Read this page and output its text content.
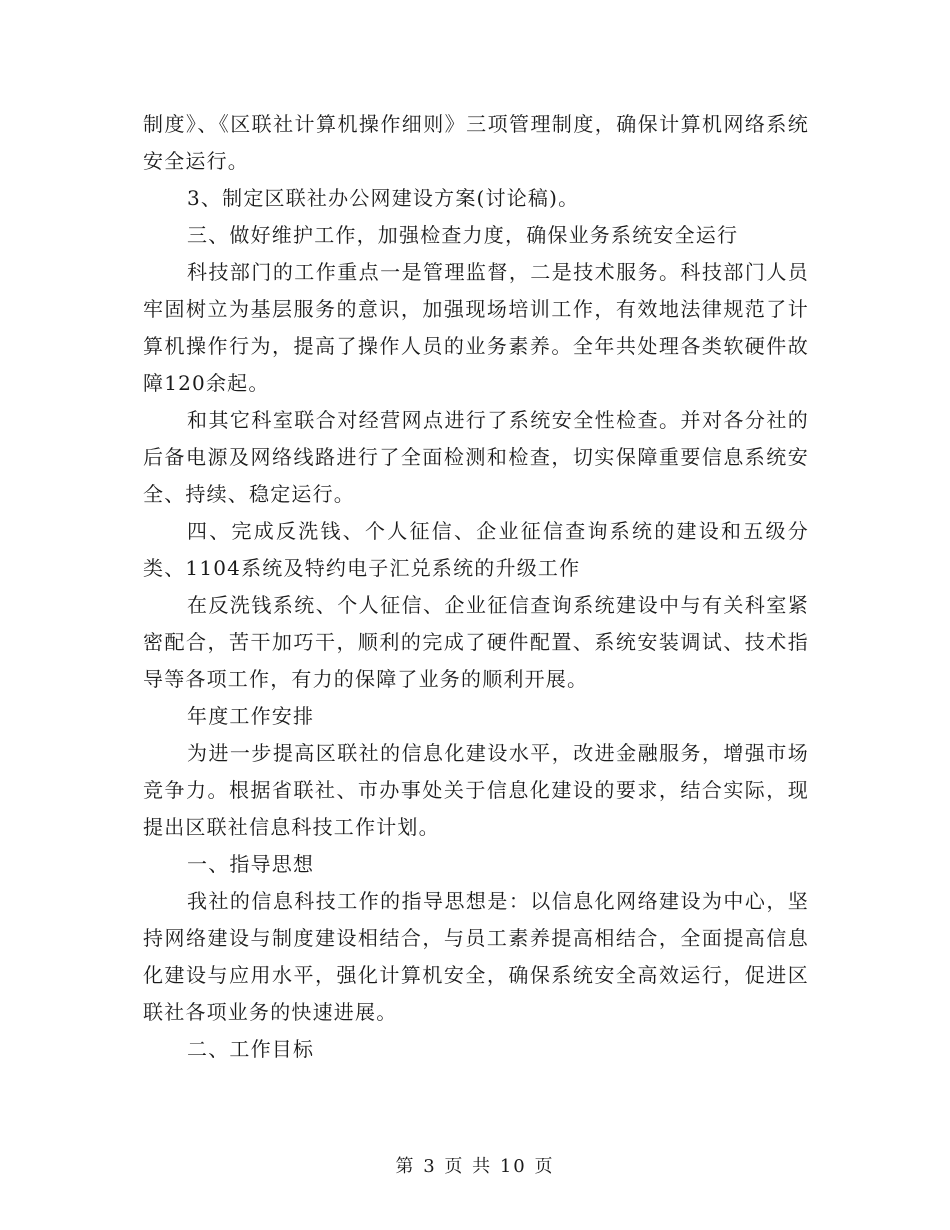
制度》、《区联社计算机操作细则》三项管理制度，确保计算机网络系统安全运行。

3、制定区联社办公网建设方案(讨论稿)。

三、做好维护工作，加强检查力度，确保业务系统安全运行

科技部门的工作重点一是管理监督，二是技术服务。科技部门人员牢固树立为基层服务的意识，加强现场培训工作，有效地法律规范了计算机操作行为，提高了操作人员的业务素养。全年共处理各类软硬件故障120余起。

和其它科室联合对经营网点进行了系统安全性检查。并对各分社的后备电源及网络线路进行了全面检测和检查，切实保障重要信息系统安全、持续、稳定运行。

四、完成反洗钱、个人征信、企业征信查询系统的建设和五级分类、1104系统及特约电子汇兑系统的升级工作

在反洗钱系统、个人征信、企业征信查询系统建设中与有关科室紧密配合，苦干加巧干，顺利的完成了硬件配置、系统安装调试、技术指导等各项工作，有力的保障了业务的顺利开展。

年度工作安排

为进一步提高区联社的信息化建设水平，改进金融服务，增强市场竞争力。根据省联社、市办事处关于信息化建设的要求，结合实际，现提出区联社信息科技工作计划。

一、指导思想

我社的信息科技工作的指导思想是：以信息化网络建设为中心，坚持网络建设与制度建设相结合，与员工素养提高相结合，全面提高信息化建设与应用水平，强化计算机安全，确保系统安全高效运行，促进区联社各项业务的快速进展。

二、工作目标

第 3 页 共 10 页
